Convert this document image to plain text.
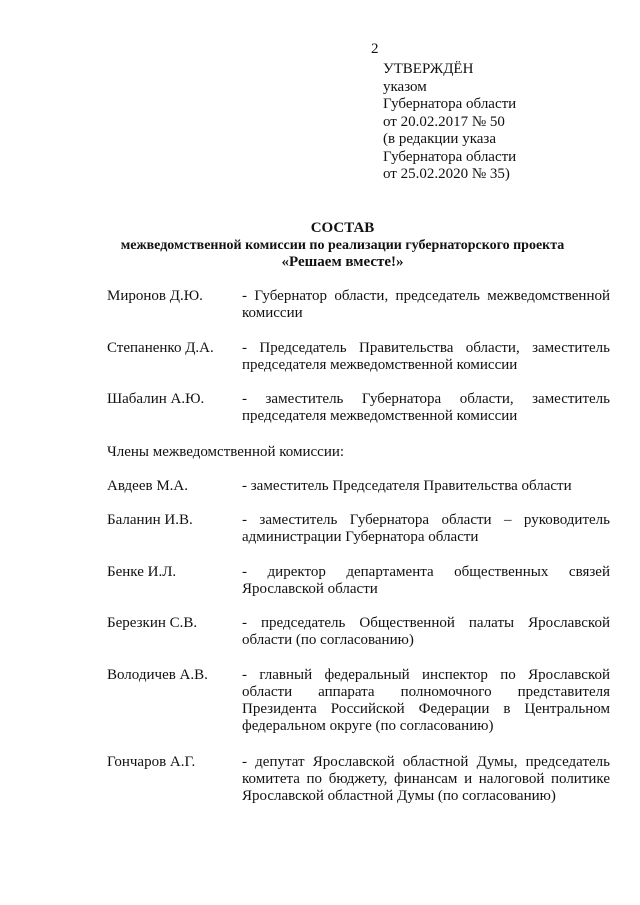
2
УТВЕРЖДЁН
указом
Губернатора области
от 20.02.2017 № 50
(в редакции указа
Губернатора области
от 25.02.2020 № 35)
СОСТАВ
межведомственной комиссии по реализации губернаторского проекта
«Решаем вместе!»
Миронов Д.Ю.	- Губернатор области, председатель межведомственной комиссии
Степаненко Д.А. - Председатель Правительства области, заместитель председателя межведомственной комиссии
Шабалин А.Ю.	- заместитель Губернатора области, заместитель председателя межведомственной комиссии
Члены межведомственной комиссии:
Авдеев М.А.	- заместитель Председателя Правительства области
Баланин И.В.	- заместитель Губернатора области – руководитель администрации Губернатора области
Бенке И.Л.	- директор департамента общественных связей Ярославской области
Березкин С.В.	- председатель Общественной палаты Ярославской области (по согласованию)
Володичев А.В. - главный федеральный инспектор по Ярославской области аппарата полномочного представителя Президента Российской Федерации в Центральном федеральном округе (по согласованию)
Гончаров А.Г.	- депутат Ярославской областной Думы, председатель комитета по бюджету, финансам и налоговой политике Ярославской областной Думы (по согласованию)
